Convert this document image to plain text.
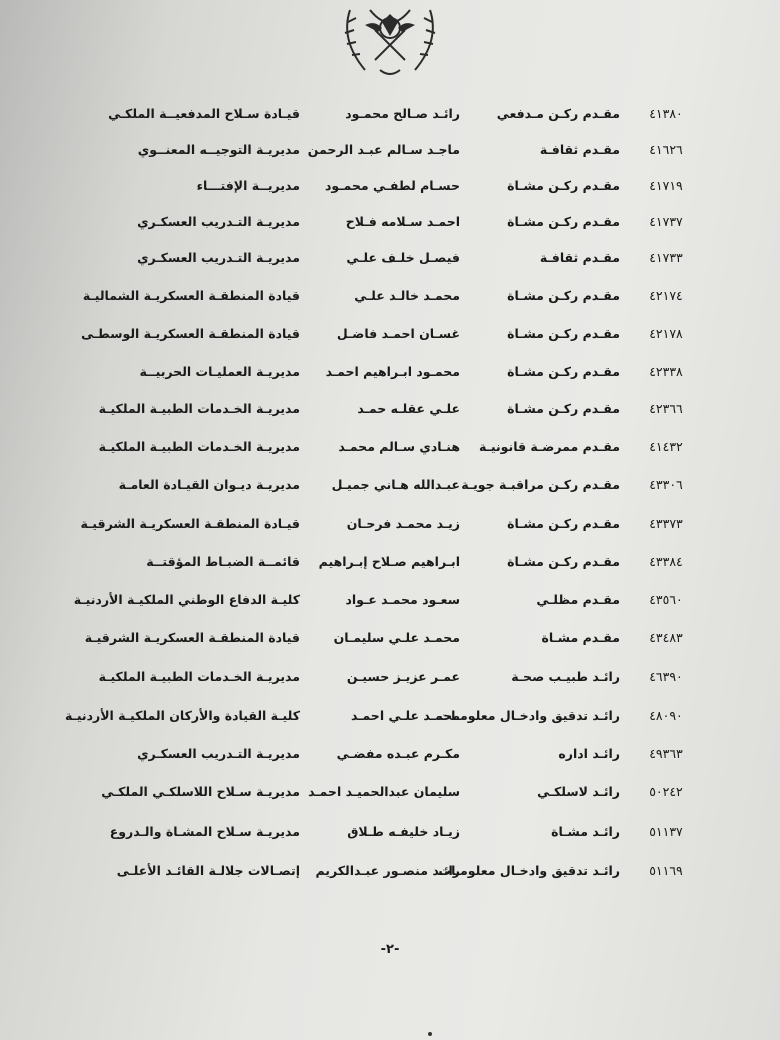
٤١٣٨٠
مقـدم ركـن مـدفعي
رائـد صـالح محمـود
قيـادة سـلاح المدفعيــة الملكـي
٤١٦٢٦
مقـدم ثقافـة
ماجـد سـالم عبـد الرحمن
مديريـة التوجيــه المعنــوي
٤١٧١٩
مقـدم ركـن مشـاة
حسـام لطفـي محمـود
مديريــة الإفتـــاء
٤١٧٣٧
مقـدم ركـن مشـاة
احمـد سـلامه فـلاح
مديريـة التـدريب العسكـري
٤١٧٣٣
مقـدم ثقافـة
فيصـل خلـف علـي
مديريـة التـدريب العسكـري
٤٢١٧٤
مقـدم ركـن مشـاة
محمـد خالـد علـي
قيادة المنطقـة العسكريـة الشماليـة
٤٢١٧٨
مقـدم ركـن مشـاة
غسـان احمـد فاضـل
قيادة المنطقـة العسكريـة الوسطـى
٤٢٣٣٨
مقـدم ركـن مشـاة
محمـود ابـراهيم احمـد
مديريـة العمليـات الحربيــة
٤٢٣٦٦
مقـدم ركـن مشـاة
علـي عقلـه حمـد
مديريـة الخـدمات الطبيـة الملكيـة
٤١٤٣٢
مقـدم ممرضـة قانونيـة
هنـادي سـالم محمـد
مديريـة الخـدمات الطبيـة الملكيـة
٤٣٣٠٦
مقـدم ركـن مراقبـة جويـة
عبـدالله هـاني جميـل
مديريـة ديـوان القيـادة العامـة
٤٣٣٧٣
مقـدم ركـن مشـاة
زيـد محمـد فرحـان
قيـادة المنطقـة العسكريـة الشرقيـة
٤٣٣٨٤
مقـدم ركـن مشـاة
ابـراهيم صـلاح إبـراهيم
قائمــة الضبـاط المؤقتــة
٤٣٥٦٠
مقـدم مظلـي
سعـود محمـد عـواد
كليـة الدفاع الوطني الملكيـة الأردنيـة
٤٣٤٨٣
مقـدم مشـاة
محمـد علـي سليمـان
قيادة المنطقـة العسكريـة الشرقيـة
٤٦٣٩٠
رائـد طبيـب صحـة
عمـر عزيـز حسيـن
مديريـة الخـدمات الطبيـة الملكيـة
٤٨٠٩٠
رائـد تدقيق وادخـال معلومـات
محمـد علـي احمـد
كليـة القيادة والأركان الملكيـة الأردنيـة
٤٩٣٦٣
رائـد اداره
مكـرم عبـده مفضـي
مديريـة التـدريب العسكـري
٥٠٢٤٢
رائـد لاسلكـي
سليمان عبدالحميـد احمـد
مديريـة سـلاح اللاسلكـي الملكـي
٥١١٣٧
رائـد مشـاة
زيـاد خليفـه طـلاق
مديريـة سـلاح المشـاة والـدروع
٥١١٦٩
رائـد تدقيق وادخـال معلومـات
رائـد منصـور عبـدالكريم
إتصـالات جلالـة القائـد الأعلـى
-٢-
